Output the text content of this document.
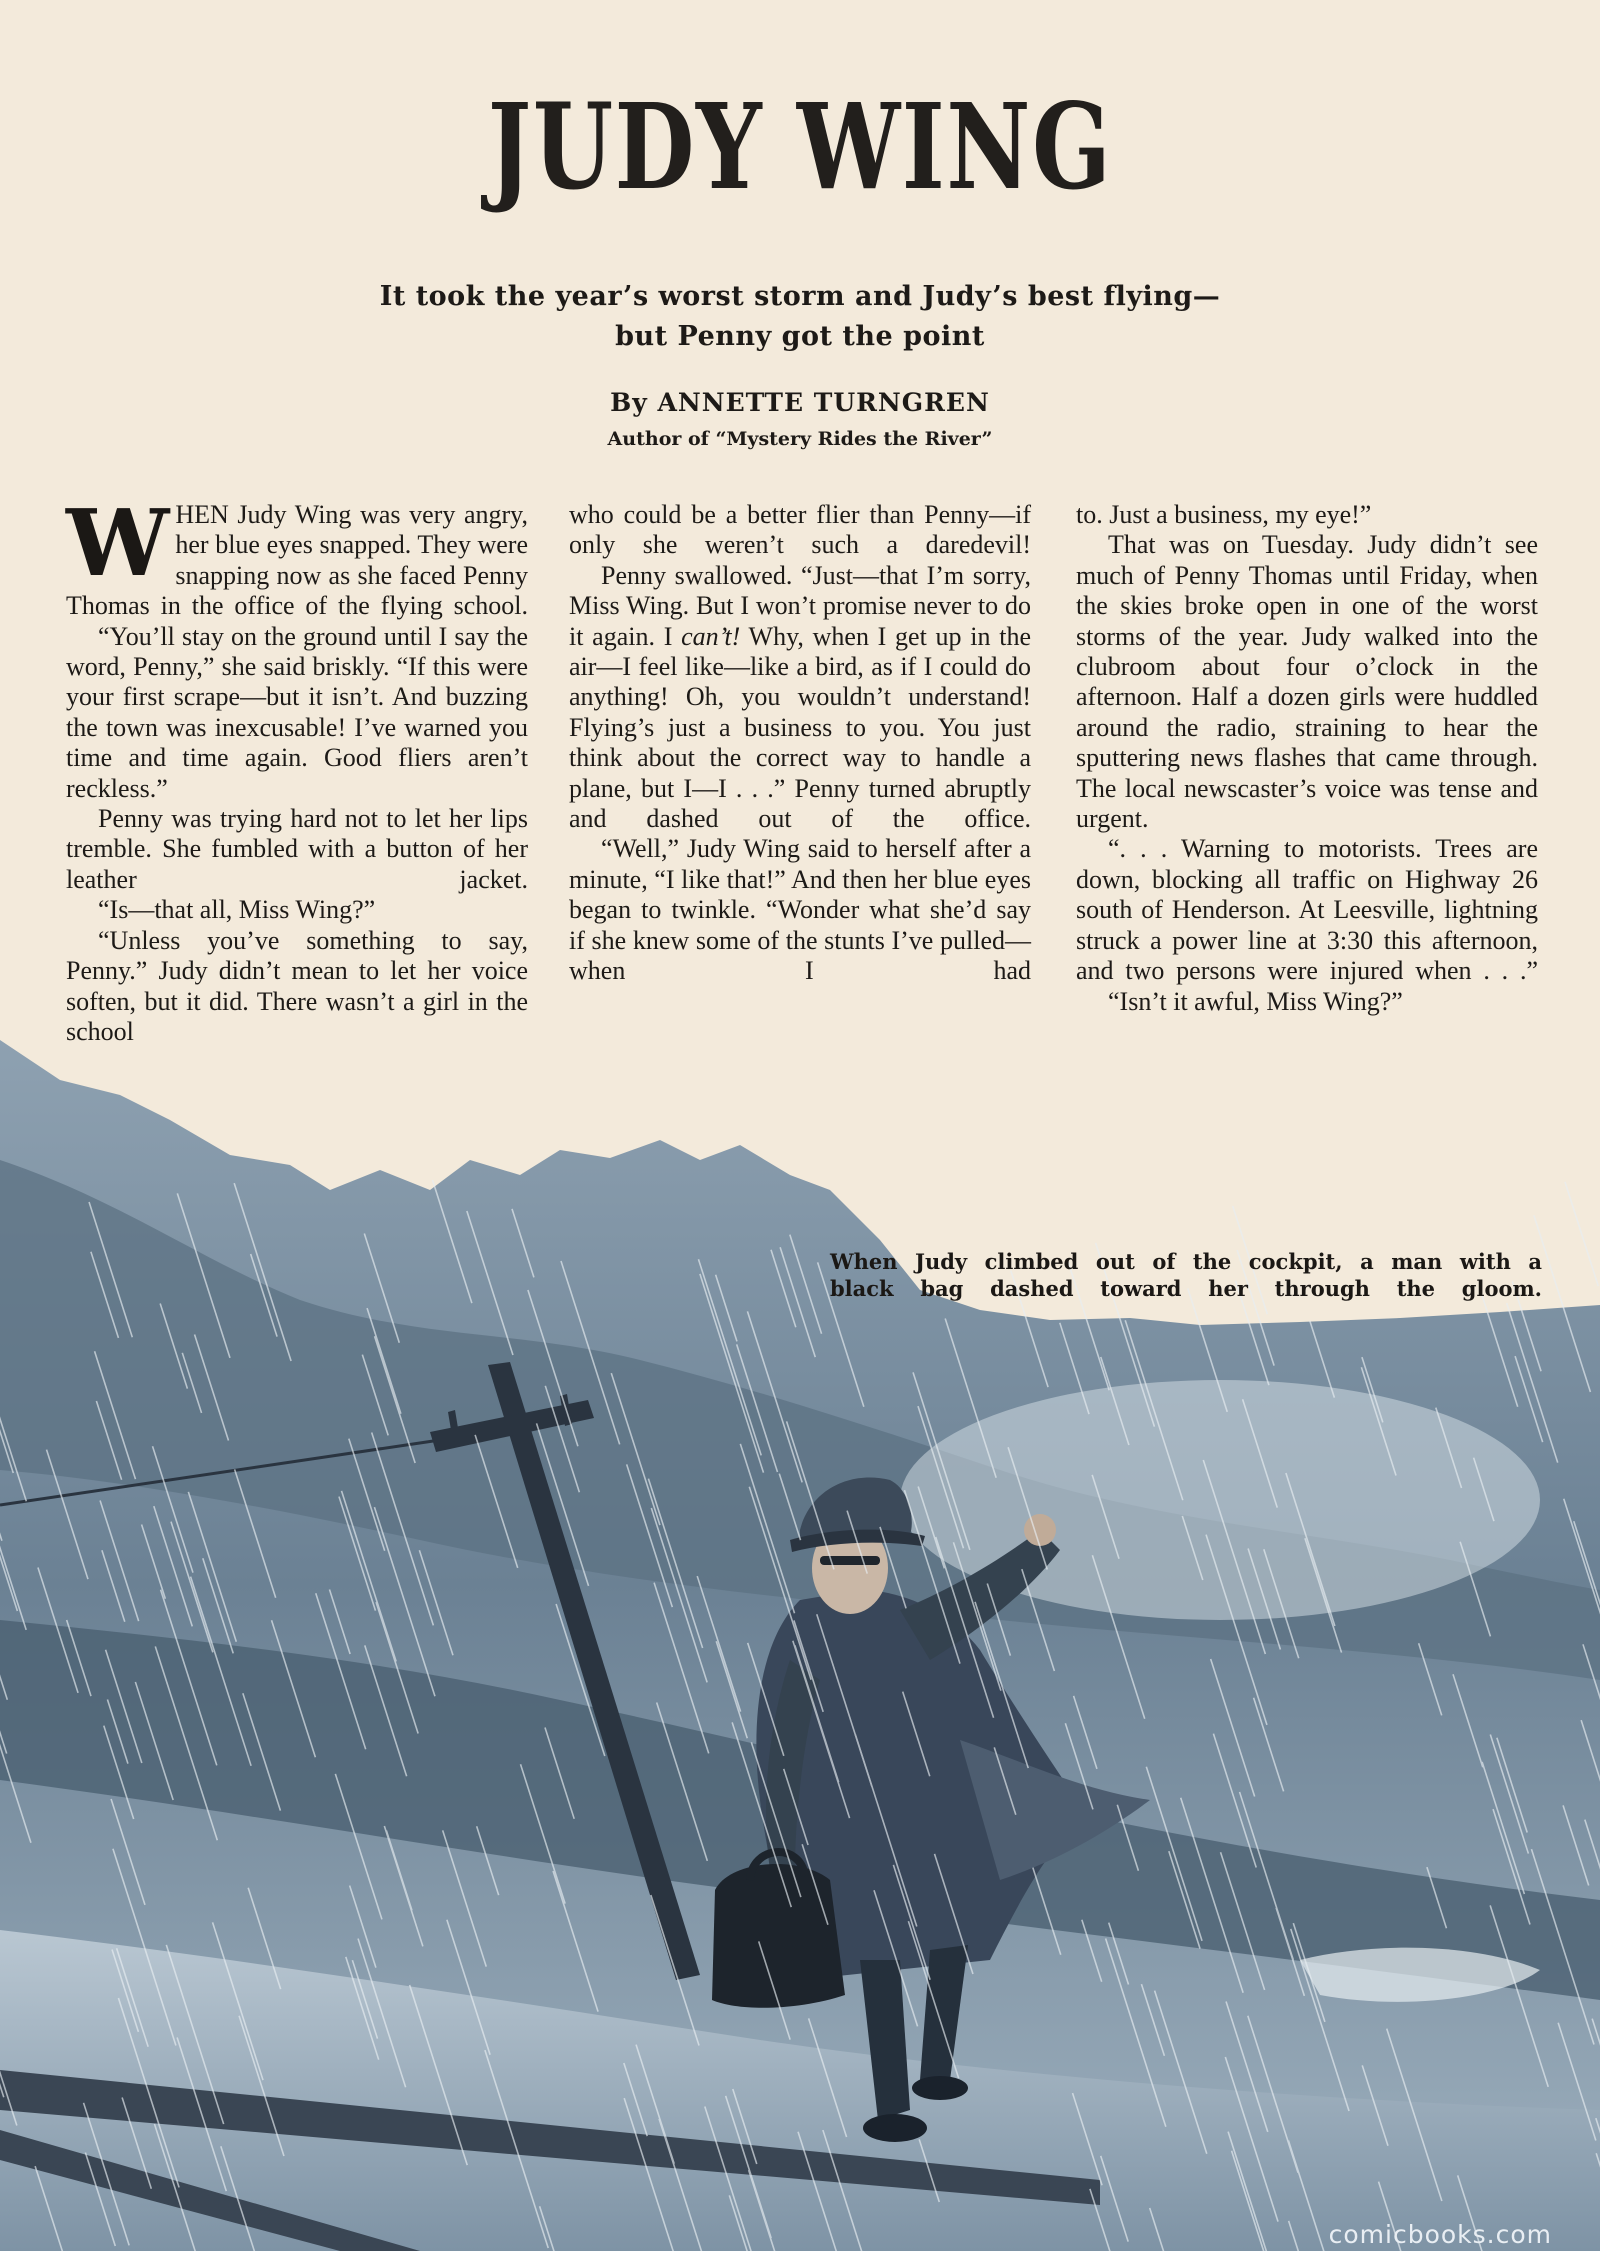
JUDY WING
It took the year’s worst storm and Judy’s best flying—
but Penny got the point
By ANNETTE TURNGREN
Author of “Mystery Rides the River”

WHEN Judy Wing was very angry, her blue eyes snapped. They were snapping now as she faced Penny Thomas in the office of the flying school.

“You’ll stay on the ground until I say the word, Penny,” she said briskly. “If this were your first scrape—but it isn’t. And buzzing the town was inexcusable! I’ve warned you time and time again. Good fliers aren’t reckless.”

Penny was trying hard not to let her lips tremble. She fumbled with a button of her leather jacket.

“Is—that all, Miss Wing?”

“Unless you’ve something to say, Penny.” Judy didn’t mean to let her voice soften, but it did. There wasn’t a girl in the school

who could be a better flier than Penny—if only she weren’t such a daredevil!

Penny swallowed. “Just—that I’m sorry, Miss Wing. But I won’t promise never to do it again. I can’t! Why, when I get up in the air—I feel like—like a bird, as if I could do anything! Oh, you wouldn’t understand! Flying’s just a business to you. You just think about the correct way to handle a plane, but I—I . . .” Penny turned abruptly and dashed out of the office.

“Well,” Judy Wing said to herself after a minute, “I like that!” And then her blue eyes began to twinkle. “Wonder what she’d say if she knew some of the stunts I’ve pulled—when I had

to. Just a business, my eye!”

That was on Tuesday. Judy didn’t see much of Penny Thomas until Friday, when the skies broke open in one of the worst storms of the year. Judy walked into the clubroom about four o’clock in the afternoon. Half a dozen girls were huddled around the radio, straining to hear the sputtering news flashes that came through. The local newscaster’s voice was tense and urgent.

“. . . Warning to motorists. Trees are down, blocking all traffic on Highway 26 south of Henderson. At Leesville, lightning struck a power line at 3:30 this afternoon, and two persons were injured when . . .”

“Isn’t it awful, Miss Wing?”

When Judy climbed out of the cockpit, a man with a
black bag dashed toward her through the gloom.
comicbooks.com
